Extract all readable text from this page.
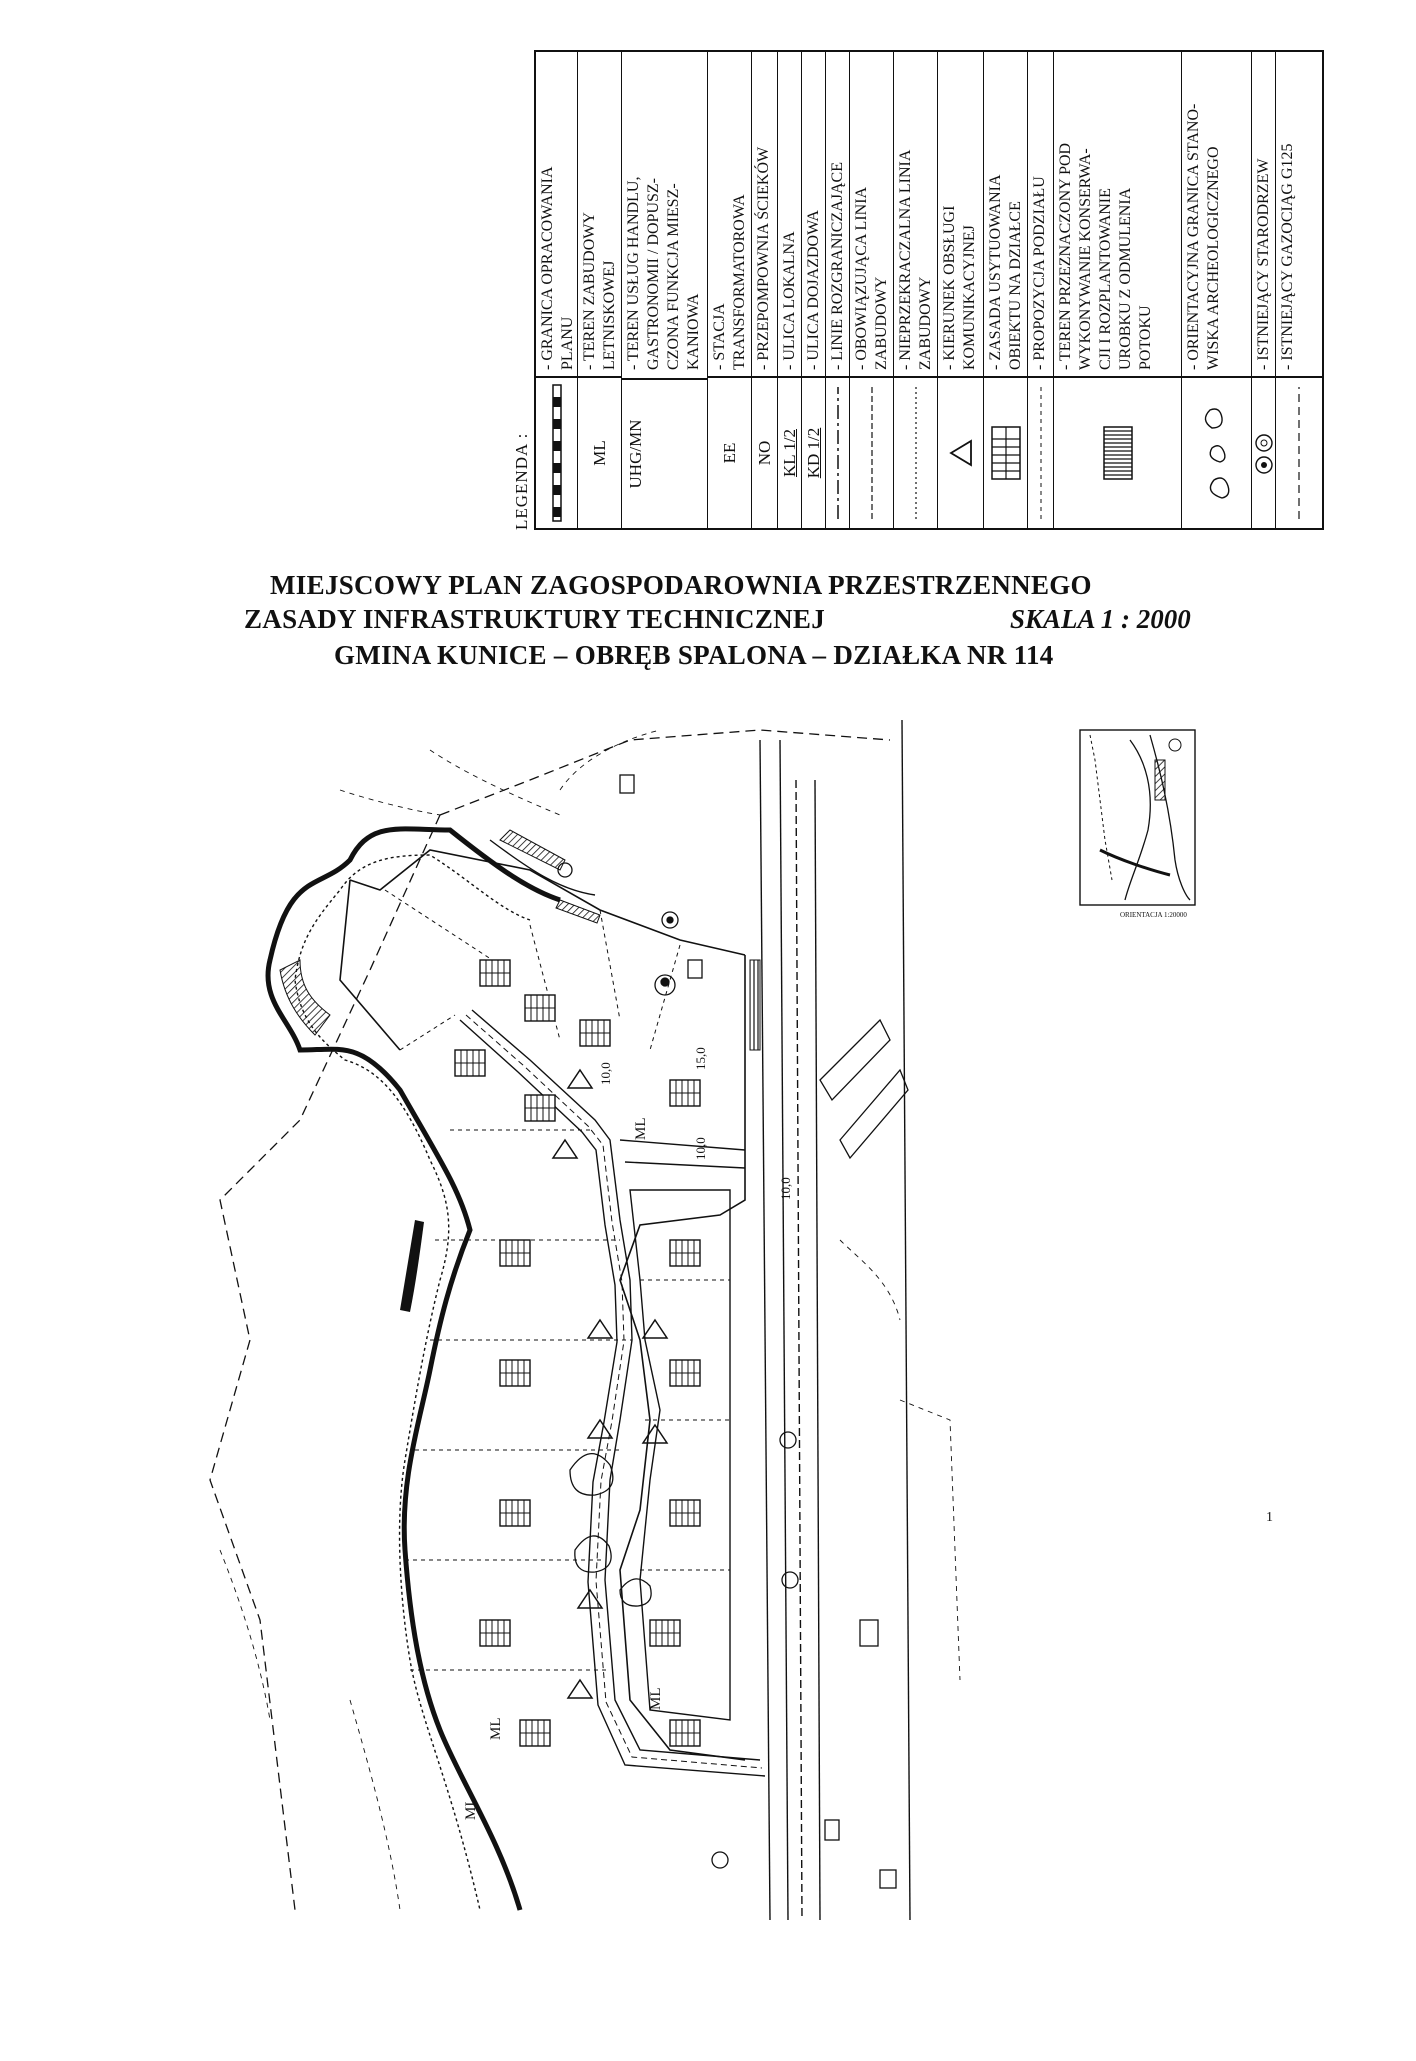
LEGENDA :
- GRANICA OPRACOWANIA
PLANU
ML
- TEREN ZABUDOWY
LETNISKOWEJ
UHG/MN
- TEREN USŁUG HANDLU,
GASTRONOMII / DOPUSZ-
CZONA FUNKCJA MIESZ-
KANIOWA
EE
- STACJA
TRANSFORMATOROWA
NO
- PRZEPOMPOWNIA ŚCIEKÓW
KL 1/2
- ULICA LOKALNA
KD 1/2
- ULICA DOJAZDOWA - LINIE ROZGRANICZAJĄCE - OBOWIĄZUJĄCA LINIA
ZABUDOWY - NIEPRZEKRACZALNA LINIA
ZABUDOWY - KIERUNEK OBSŁUGI
KOMUNIKACYJNEJ - ZASADA USYTUOWANIA
OBIEKTU NA DZIAŁCE - PROPOZYCJA PODZIAŁU - TEREN PRZEZNACZONY POD
WYKONYWANIE KONSERWA-
CJI I ROZPLANTOWANIE
UROBKU Z ODMULENIA
POTOKU - ORIENTACYJNA GRANICA STANO-
WISKA ARCHEOLOGICZNEGO - ISTNIEJĄCY STARODRZEW - ISTNIEJĄCY GAZOCIĄG G125
MIEJSCOWY PLAN ZAGOSPODAROWNIA PRZESTRZENNEGO
ZASADY INFRASTRUKTURY TECHNICZNEJ	SKALA 1 : 2000
GMINA KUNICE – OBRĘB SPALONA – DZIAŁKA NR 114
10,0
10,0
15,0
10,0
ML
ML
ML
ML
ORIENTACJA 1:20000
1
